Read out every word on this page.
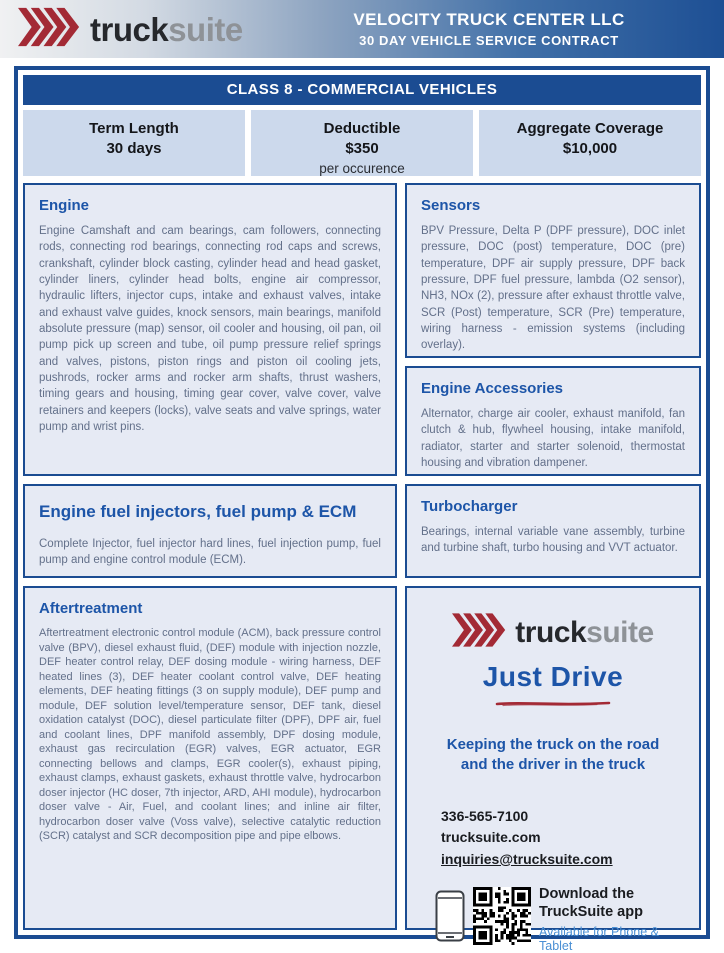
trucksuite	VELOCITY TRUCK CENTER LLC
30 DAY VEHICLE SERVICE CONTRACT
CLASS 8 - COMMERCIAL VEHICLES
Term Length
30 days
Deductible
$350
per occurence
Aggregate Coverage
$10,000
Engine
Engine Camshaft and cam bearings, cam followers, connecting rods, connecting rod bearings, connecting rod caps and screws, crankshaft, cylinder block casting, cylinder head and head gasket, cylinder liners, cylinder head bolts, engine air compressor, hydraulic lifters, injector cups, intake and exhaust valves, intake and exhaust valve guides, knock sensors, main bearings, manifold absolute pressure (map) sensor, oil cooler and housing, oil pan, oil pump pick up screen and tube, oil pump pressure relief springs and valves, pistons, piston rings and piston oil cooling jets, pushrods, rocker arms and rocker arm shafts, thrust washers, timing gears and housing, timing gear cover, valve cover, valve retainers and keepers (locks), valve seats and valve springs, water pump and wrist pins.
Sensors
BPV Pressure, Delta P (DPF pressure), DOC inlet pressure, DOC (post) temperature, DOC (pre) temperature, DPF air supply pressure, DPF back pressure, DPF fuel pressure, lambda (O2 sensor), NH3, NOx (2), pressure after exhaust throttle valve, SCR (Post) temperature, SCR (Pre) temperature, wiring harness - emission systems (including overlay).
Engine Accessories
Alternator, charge air cooler, exhaust manifold, fan clutch & hub, flywheel housing, intake manifold, radiator, starter and starter solenoid, thermostat housing and vibration dampener.
Engine fuel injectors, fuel pump & ECM
Complete Injector, fuel injector hard lines, fuel injection pump, fuel pump and engine control module (ECM).
Turbocharger
Bearings, internal variable vane assembly, turbine and turbine shaft, turbo housing and VVT actuator.
Aftertreatment
Aftertreatment electronic control module (ACM), back pressure control valve (BPV), diesel exhaust fluid, (DEF) module with injection nozzle, DEF heater control relay, DEF dosing module - wiring harness, DEF heated lines (3), DEF heater coolant control valve, DEF heating elements, DEF heating fittings (3 on supply module), DEF pump and module, DEF solution level/temperature sensor, DEF tank, diesel oxidation catalyst (DOC), diesel particulate filter (DPF), DPF air, fuel and coolant lines, DPF manifold assembly, DPF dosing module, exhaust gas recirculation (EGR) valves, EGR actuator, EGR connecting bellows and clamps, EGR cooler(s), exhaust piping, exhaust clamps, exhaust gaskets, exhaust throttle valve, hydrocarbon doser injector (HC doser, 7th injector, ARD, AHI module), hydrocarbon doser valve - Air, Fuel, and coolant lines; and inline air filter, hydrocarbon doser valve (Voss valve), selective catalytic reduction (SCR) catalyst and SCR decomposition pipe and pipe elbows.
trucksuite
Just Drive
Keeping the truck on the road
and the driver in the truck
336-565-7100
trucksuite.com
inquiries@trucksuite.com
Download the
TruckSuite app
Available for Phone & Tablet
